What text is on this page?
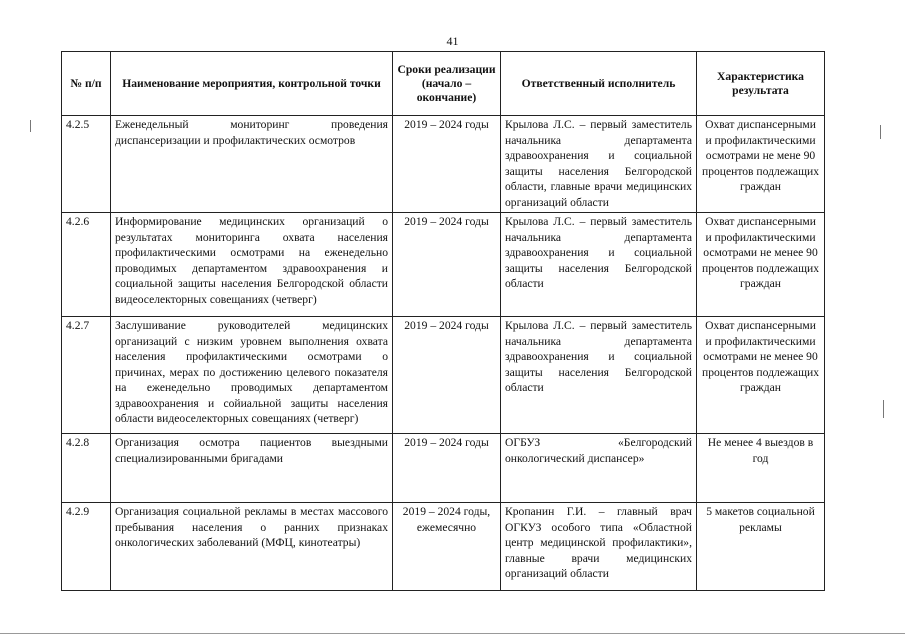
41
№ п/п	Наименование мероприятия, контрольной точки	Сроки реализации (начало – окончание)	Ответственный исполнитель	Характеристика результата
4.2.5	Еженедельный мониторинг проведения диспансеризации и профилактических осмотров	2019 – 2024 годы	Крылова Л.С. – первый заместитель начальника департамента здравоохранения и социальной защиты населения Белгородской области, главные врачи медицинских организаций области	Охват диспансерными и профилактическими осмотрами не мене 90 процентов подлежащих граждан
4.2.6	Информирование медицинских организаций о результатах мониторинга охвата населения профилактическими осмотрами на еженедельно проводимых департаментом здравоохранения и социальной защиты населения Белгородской области видеоселекторных совещаниях (четверг)	2019 – 2024 годы	Крылова Л.С. – первый заместитель начальника департамента здравоохранения и социальной защиты населения Белгородской области	Охват диспансерными и профилактическими осмотрами не менее 90 процентов подлежащих граждан
4.2.7	Заслушивание руководителей медицинских организаций с низким уровнем выполнения охвата населения профилактическими осмотрами о причинах, мерах по достижению целевого показателя на еженедельно проводимых департаментом здравоохранения и сойиальной защиты населения области видеоселекторных совещаниях (четверг)	2019 – 2024 годы	Крылова Л.С. – первый заместитель начальника департамента здравоохранения и социальной защиты населения Белгородской области	Охват диспансерными и профилактическими осмотрами не менее 90 процентов подлежащих граждан
4.2.8	Организация осмотра пациентов выездными специализированными бригадами	2019 – 2024 годы	ОГБУЗ «Белгородский онкологический диспансер»	Не менее 4 выездов в год
4.2.9	Организация социальной рекламы в местах массового пребывания населения о ранних признаках онкологических заболеваний (МФЦ, кинотеатры)	2019 – 2024 годы, ежемесячно	Кропанин Г.И. – главный врач ОГКУЗ особого типа «Областной центр медицинской профилактики», главные врачи медицинских организаций области	5 макетов социальной рекламы
